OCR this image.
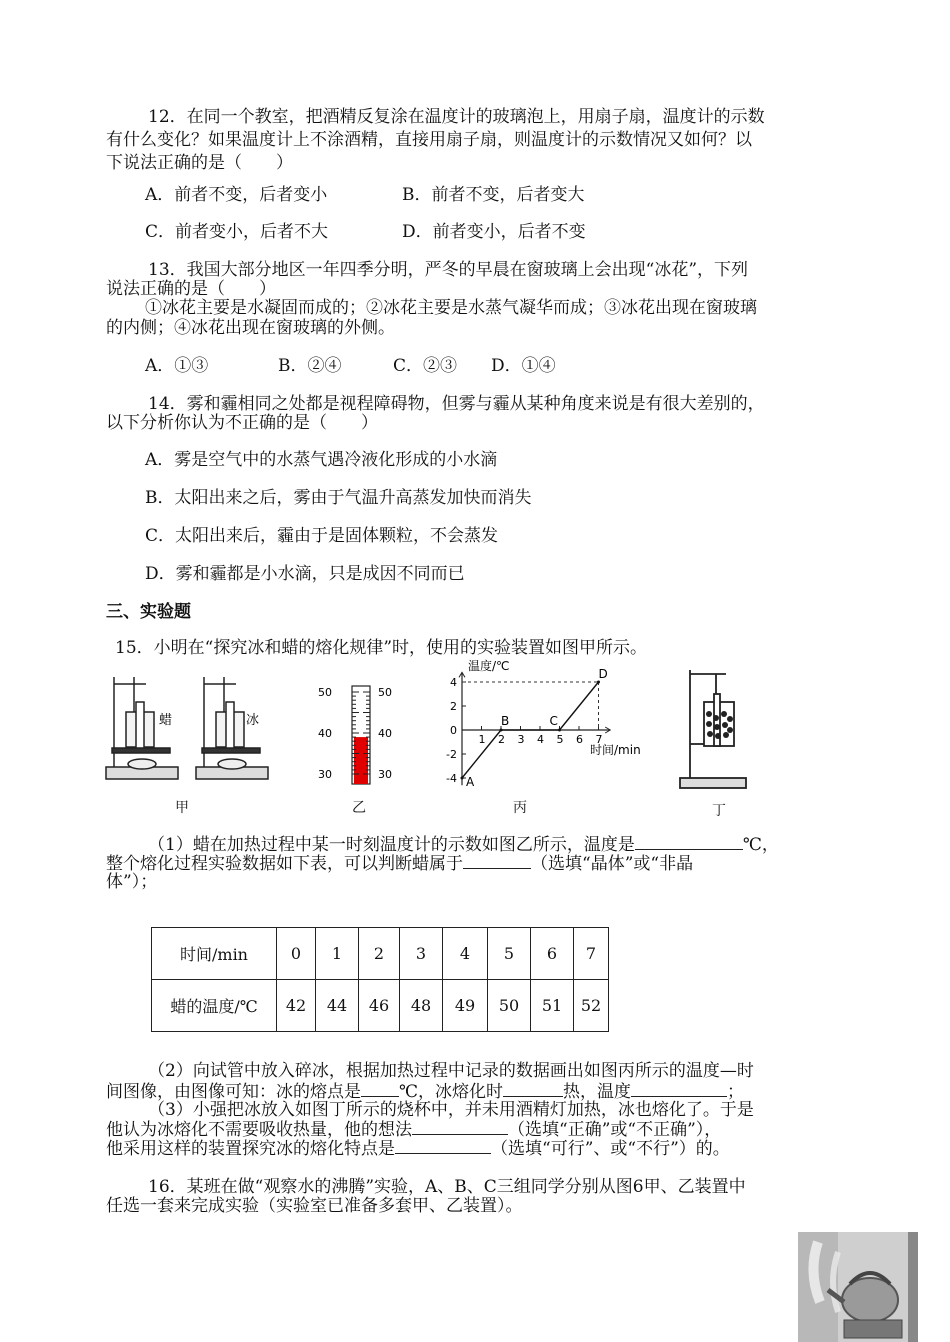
12．在同一个教室，把酒精反复涂在温度计的玻璃泡上，用扇子扇，温度计的示数
有什么变化？如果温度计上不涂酒精，直接用扇子扇，则温度计的示数情况又如何？以
下说法正确的是（　　）
A．前者不变，后者变小	B．前者不变，后者变大
C．前者变小，后者不大	D．前者变小，后者不变
13．我国大部分地区一年四季分明，严冬的早晨在窗玻璃上会出现“冰花”，下列
说法正确的是（　　）
①冰花主要是水凝固而成的；②冰花主要是水蒸气凝华而成；③冰花出现在窗玻璃
的内侧；④冰花出现在窗玻璃的外侧。
A．①③	B．②④	C．②③ D．①④
14．雾和霾相同之处都是视程障碍物，但雾与霾从某种角度来说是有很大差别的，
以下分析你认为不正确的是（　　）
A．雾是空气中的水蒸气遇冷液化形成的小水滴
B．太阳出来之后，雾由于气温升高蒸发加快而消失
C．太阳出来后，霾由于是固体颗粒，不会蒸发
D．雾和霾都是小水滴，只是成因不同而已
三、实验题
15．小明在“探究冰和蜡的熔化规律”时，使用的实验装置如图甲所示。
蜡	冰
甲
50
40
30
50
40
30
乙
温度/℃
时间/min
4
2
0
-2
-4
1 2 3 4 5 6 7
A
B	C
D
丙	丁
（1）蜡在加热过程中某一时刻温度计的示数如图乙所示，温度是	℃，
整个熔化过程实验数据如下表，可以判断蜡属于	（选填“晶体”或“非晶
体”）；
时间/min	0	1	2	3	4	5	6	7
蜡的温度/℃	42	44	46	48	49	50	51	52
（2）向试管中放入碎冰，根据加热过程中记录的数据画出如图丙所示的温度—时
间图像，由图像可知：冰的熔点是 ℃，冰熔化时	热，温度	；
（3）小强把冰放入如图丁所示的烧杯中，并未用酒精灯加热，冰也熔化了。于是
他认为冰熔化不需要吸收热量，他的想法	（选填“正确”或“不正确”），
他采用这样的装置探究冰的熔化特点是	（选填“可行”、或“不行”）的。
16．某班在做“观察水的沸腾”实验，A、B、C三组同学分别从图6甲、乙装置中
任选一套来完成实验（实验室已准备多套甲、乙装置）。
